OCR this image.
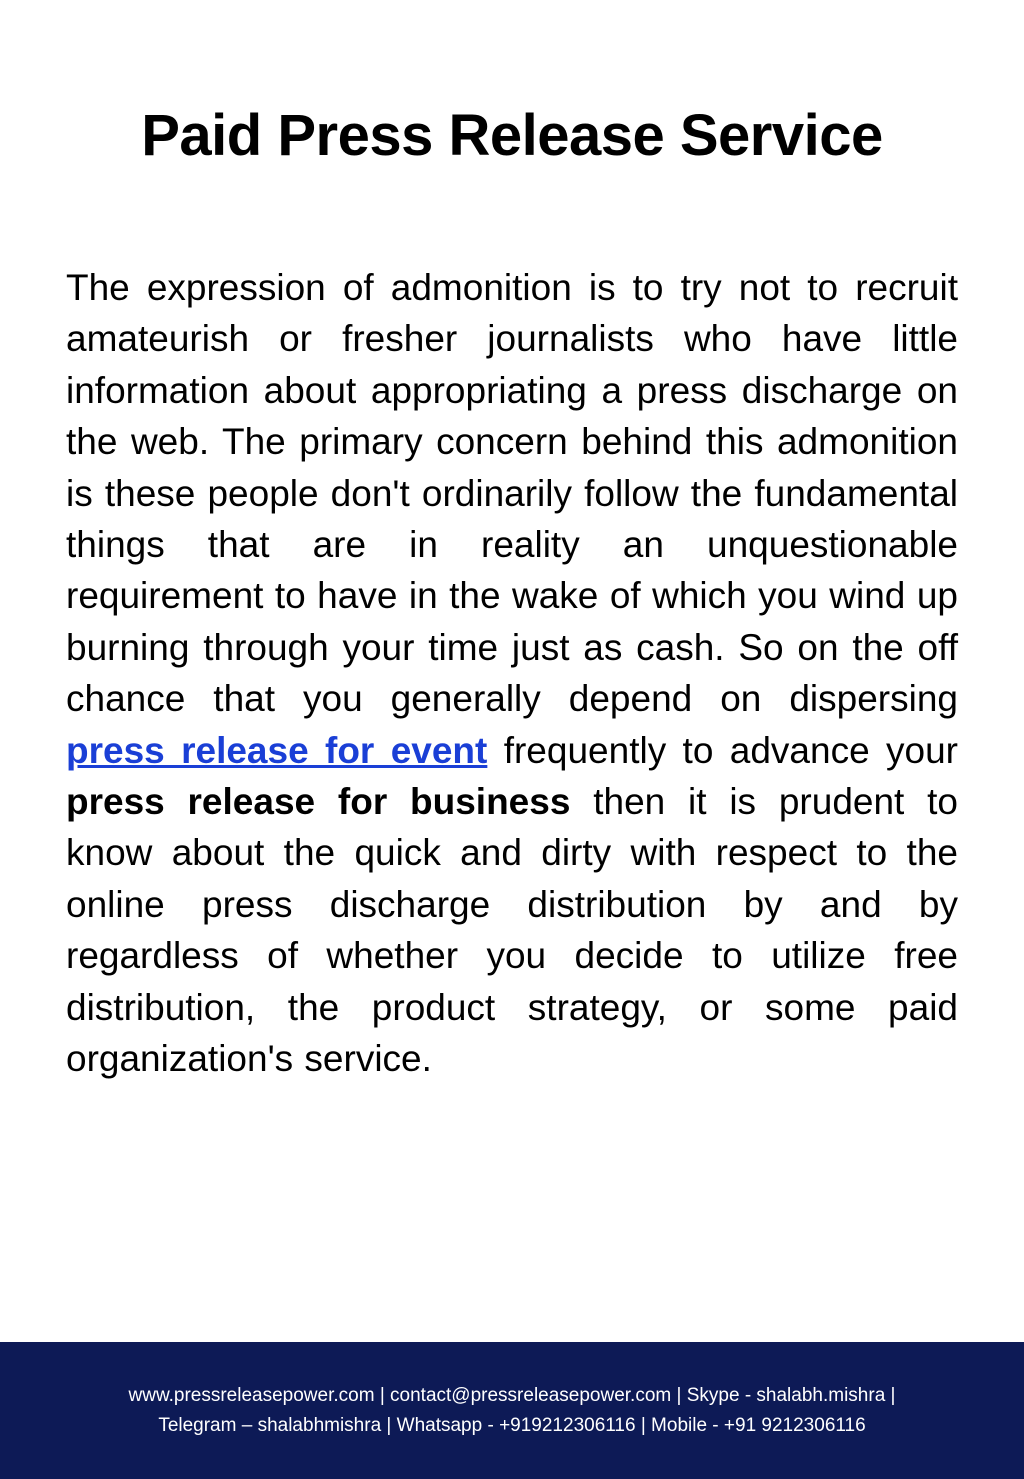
Paid Press Release Service

The expression of admonition is to try not to recruit amateurish or fresher journalists who have little information about appropriating a press discharge on the web. The primary concern behind this admonition is these people don't ordinarily follow the fundamental things that are in reality an unquestionable requirement to have in the wake of which you wind up burning through your time just as cash. So on the off chance that you generally depend on dispersing press release for event frequently to advance your press release for business then it is prudent to know about the quick and dirty with respect to the online press discharge distribution by and by regardless of whether you decide to utilize free distribution, the product strategy, or some paid organization's service.

www.pressreleasepower.com | contact@pressreleasepower.com | Skype - shalabh.mishra |
Telegram – shalabhmishra | Whatsapp - +919212306116 | Mobile - +91 9212306116
